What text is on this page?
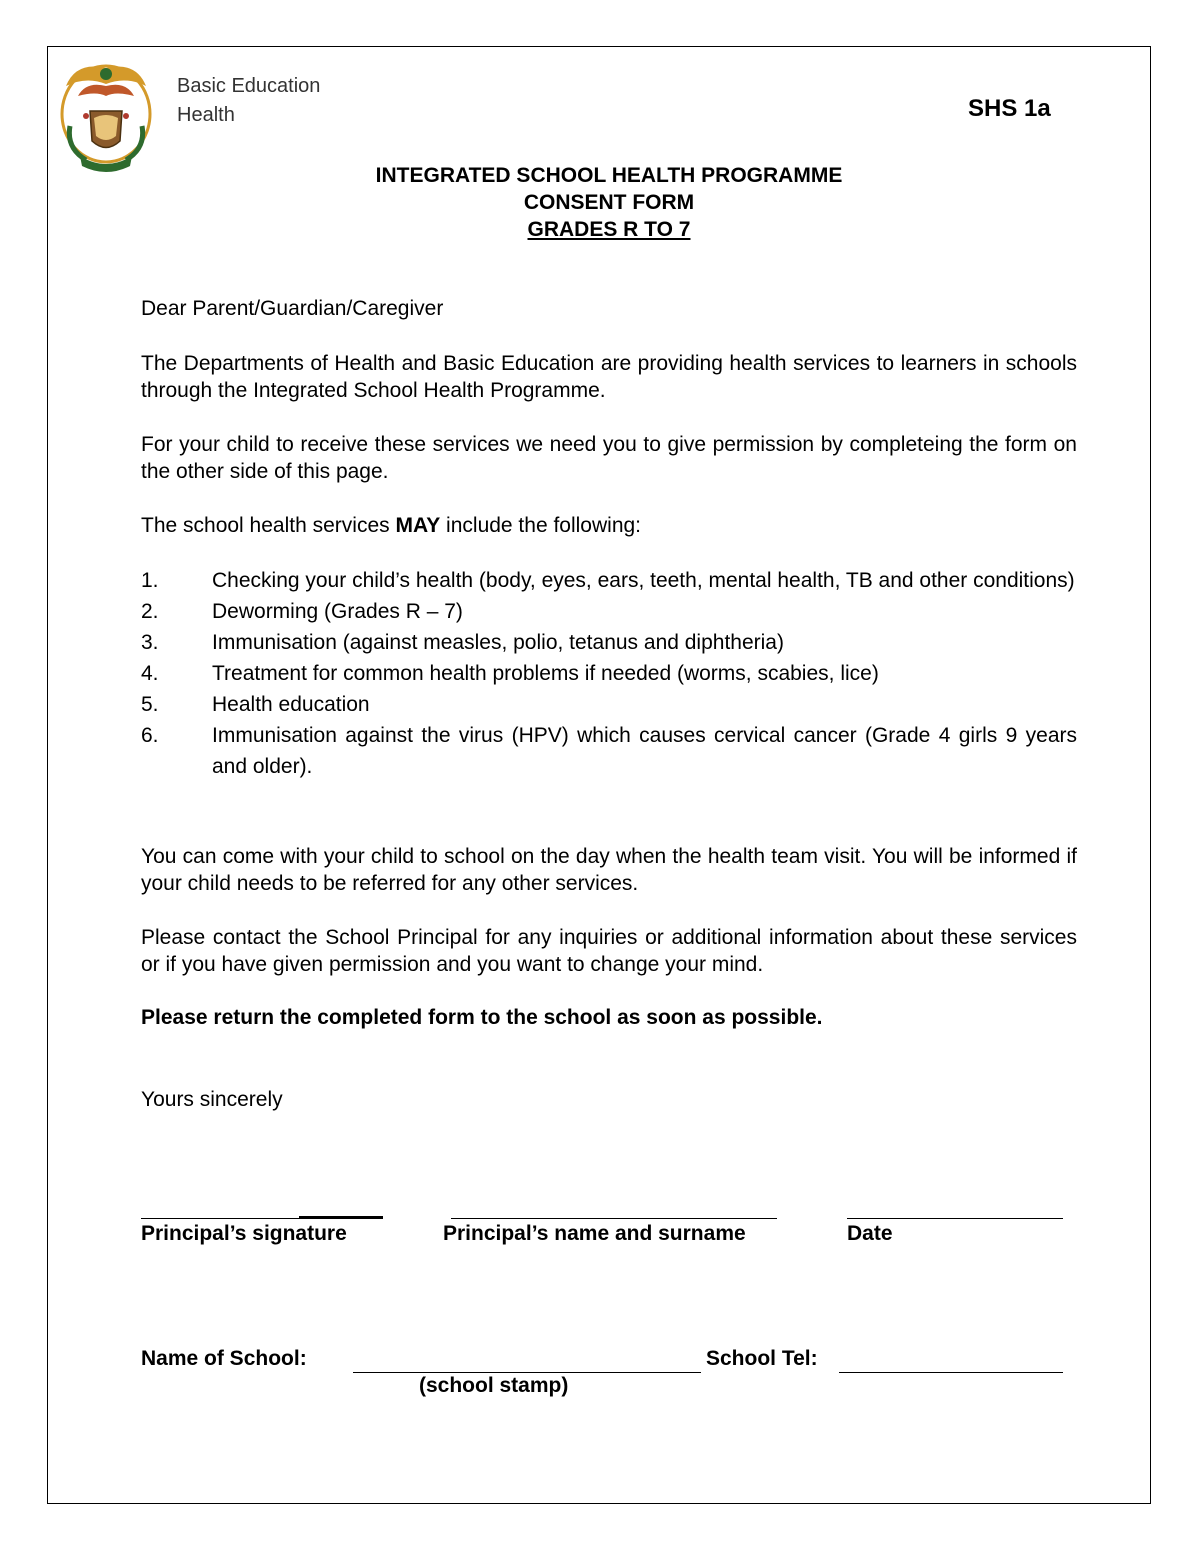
Basic Education
Health	SHS 1a
INTEGRATED SCHOOL HEALTH PROGRAMME
CONSENT FORM
GRADES R TO 7

Dear Parent/Guardian/Caregiver

The Departments of Health and Basic Education are providing health services to learners in schools through the Integrated School Health Programme.

For your child to receive these services we need you to give permission by completeing the form on the other side of this page.

The school health services MAY include the following:

1.	Checking your child’s health (body, eyes, ears, teeth, mental health, TB and other conditions)
2.	Deworming (Grades R – 7)
3.	Immunisation (against measles, polio, tetanus and diphtheria)
4.	Treatment for common health problems if needed (worms, scabies, lice)
5.	Health education
6.	Immunisation against the virus (HPV) which causes cervical cancer (Grade 4 girls 9 years and older).

You can come with your child to school on the day when the health team visit. You will be informed if your child needs to be referred for any other services.

Please contact the School Principal for any inquiries or additional information about these services or if you have given permission and you want to change your mind.

Please return the completed form to the school as soon as possible.

Yours sincerely

Principal’s signature	Principal’s name and surname	Date
Name of School:	School Tel:
(school stamp)
